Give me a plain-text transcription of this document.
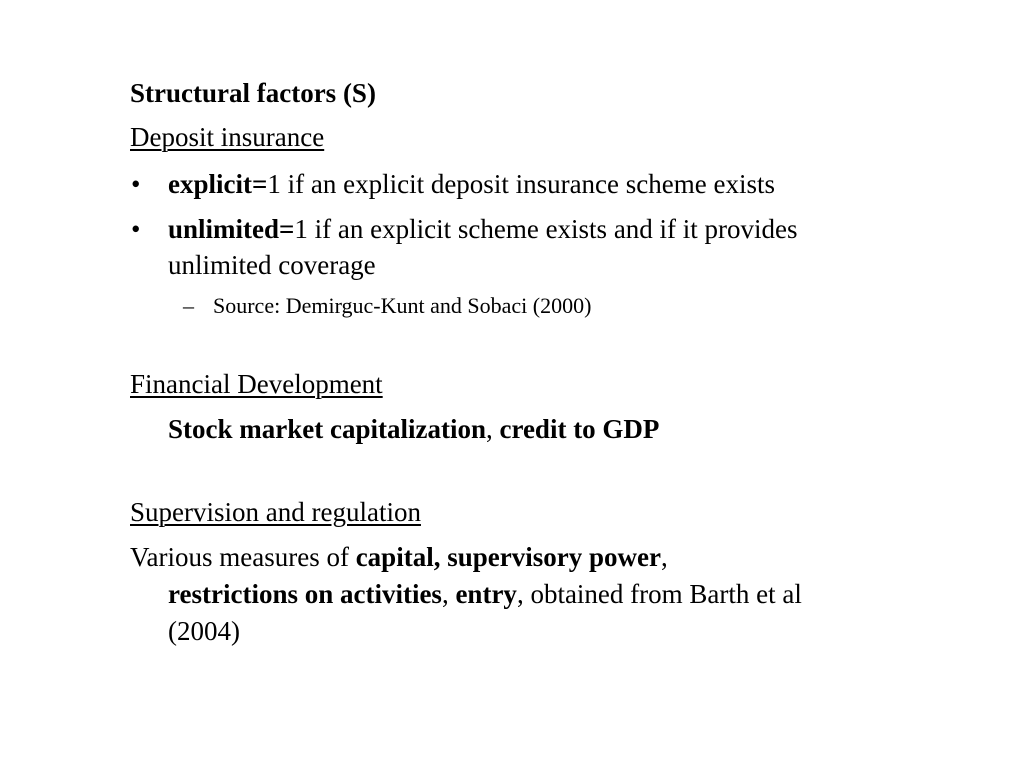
Structural factors (S)
Deposit insurance
• explicit=1 if an explicit deposit insurance scheme exists
• unlimited=1 if an explicit scheme exists and if it provides
unlimited coverage
– Source: Demirguc-Kunt and Sobaci (2000)
Financial Development
Stock market capitalization, credit to GDP
Supervision and regulation
Various measures of capital, supervisory power,
restrictions on activities, entry, obtained from Barth et al
(2004)
